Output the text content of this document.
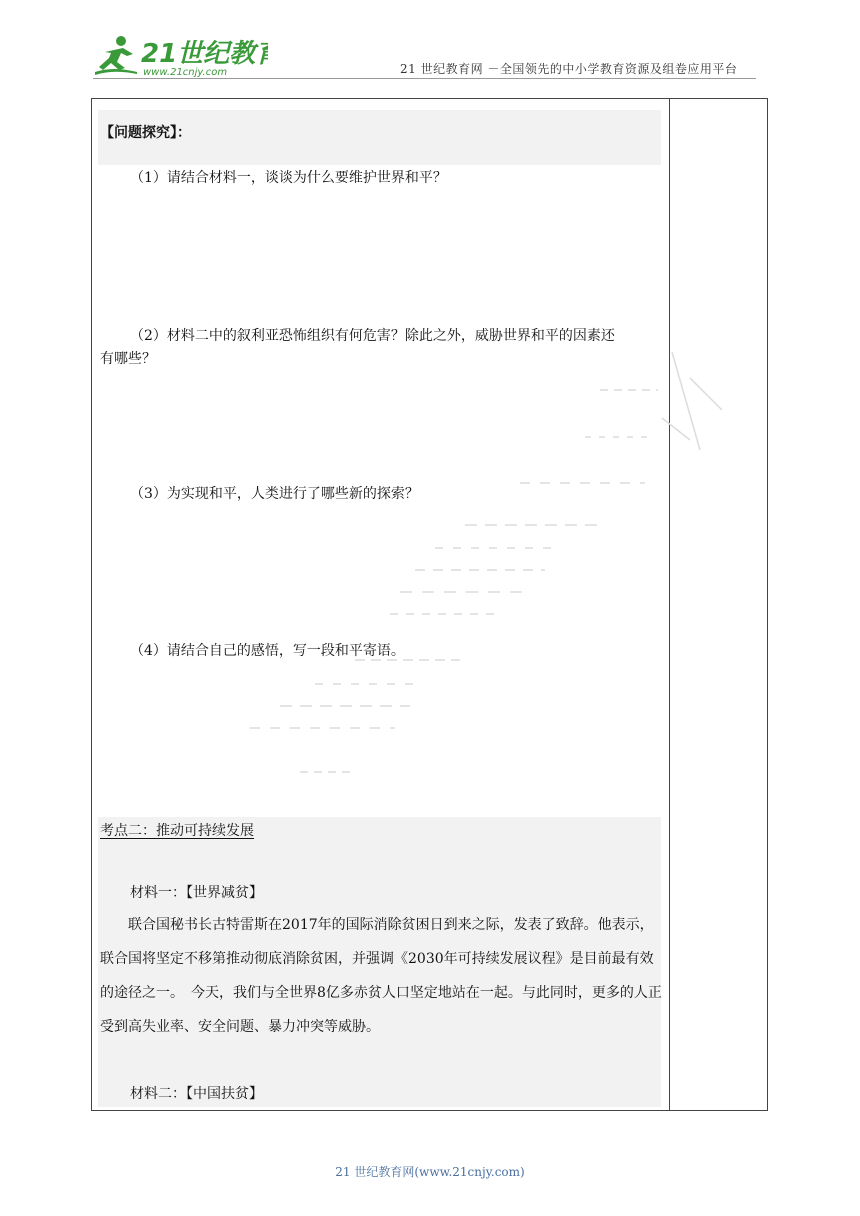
21世纪教育
www.21cnjy.com	21 世纪教育网 －全国领先的中小学教育资源及组卷应用平台
【问题探究】：
（1）请结合材料一，谈谈为什么要维护世界和平？
（2）材料二中的叙利亚恐怖组织有何危害？除此之外，威胁世界和平的因素还
有哪些？
（3）为实现和平，人类进行了哪些新的探索？
（4）请结合自己的感悟，写一段和平寄语。
考点二：推动可持续发展
材料一：【世界减贫】
联合国秘书长古特雷斯在2017年的国际消除贫困日到来之际，发表了致辞。他表示，联合国将坚定不移第推动彻底消除贫困，并强调《2030年可持续发展议程》是目前最有效的途径之一。　今天，我们与全世界8亿多赤贫人口坚定地站在一起。与此同时，更多的人正受到高失业率、安全问题、暴力冲突等威胁。
材料二：【中国扶贫】
21 世纪教育网(www.21cnjy.com)
